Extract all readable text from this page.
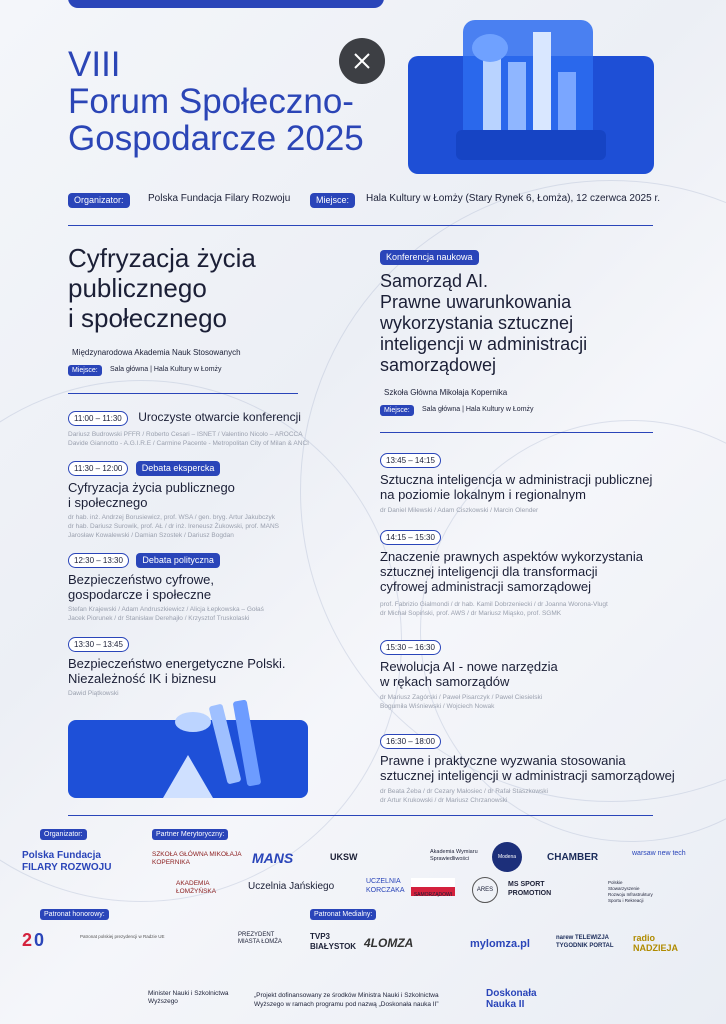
VIII
Forum Społeczno-
Gospodarcze 2025
Organizator:	Polska Fundacja Filary Rozwoju	Miejsce:	Hala Kultury w Łomży (Stary Rynek 6, Łomża), 12 czerwca 2025 r.
Cyfryzacja życia
publicznego
i społecznego
Międzynarodowa Akademia Nauk Stosowanych
Miejsce:	Sala główna | Hala Kultury w Łomży
11:00 – 11:30 Uroczyste otwarcie konferencji
Dariusz Budrowski PFFR / Roberto Cesari – ISNET / Valentino Nicolo – AROCCA
Davide Giannotto - A.G.I.R.E / Carmine Pacente - Metropolitan City of Milan & ANCI
11:30 – 12:00 Debata ekspercka
Cyfryzacja życia publicznego
i społecznego
dr hab. inż. Andrzej Borusiewicz, prof. WSA / gen. bryg. Artur Jakubczyk
dr hab. Dariusz Surowik, prof. AŁ / dr inż. Ireneusz Żukowski, prof. MANS
Jarosław Kowalewski / Damian Szostek / Dariusz Bogdan
12:30 – 13:30 Debata polityczna
Bezpieczeństwo cyfrowe,
gospodarcze i społeczne
Stefan Krajewski / Adam Andruszkiewicz / Alicja Łepkowska – Gołaś
Jacek Piorunek / dr Stanisław Derehajło / Krzysztof Truskolaski
13:30 – 13:45
Bezpieczeństwo energetyczne Polski.
Niezależność IK i biznesu
Dawid Piątkowski
Konferencja naukowa
Samorząd AI.
Prawne uwarunkowania
wykorzystania sztucznej
inteligencji w administracji
samorządowej
Szkoła Główna Mikołaja Kopernika
Miejsce:	Sala główna | Hala Kultury w Łomży
13:45 – 14:15
Sztuczna inteligencja w administracji publicznej
na poziomie lokalnym i regionalnym
dr Daniel Milewski / Adam Ciszkowski / Marcin Olender
14:15 – 15:30
Znaczenie prawnych aspektów wykorzystania
sztucznej inteligencji dla transformacji
cyfrowej administracji samorządowej
prof. Fabrizio Gialmondi / dr hab. Kamil Dobrzeniecki / dr Joanna Worona-Vlugt
dr Michał Sopiński, prof. AWS / dr Mariusz Miąsko, prof. SGMK
15:30 – 16:30
Rewolucja AI - nowe narzędzia
w rękach samorządów
dr Mariusz Zagórski / Paweł Pisarczyk / Paweł Ciesielski
Bogumiła Wiśniewski / Wojciech Nowak
16:30 – 18:00
Prawne i praktyczne wyzwania stosowania
sztucznej inteligencji w administracji samorządowej
dr Beata Żeba / dr Cezary Małosiec / dr Rafał Staszkowski
dr Artur Krukowski / dr Mariusz Chrzanowski
Organizator:
Polska Fundacja FILARY ROZWOJU
Partner Merytoryczny:
SZKOŁA GŁÓWNA MIKOŁAJA KOPERNIKA	MANS	UKSW	Akademia Wymiaru Sprawiedliwości	Modena	CHAMBER	warsaw new tech
AKADEMIA ŁOMŻYŃSKA	Uczelnia Jańskiego	UCZELNIA KORCZAKA
SAMORZĄDOWI
ARES
MS SPORT PROMOTION
Polskie Stowarzyszenie Rozwoju Infrastruktury Sportu i Rekreacji
Patronat honorowy:
2 0	Patronat polskiej prezydencji w Radzie UE	PREZYDENT MIASTA ŁOMŻA
Patronat Medialny:
TVP3 BIAŁYSTOK 4LOMZA	mylomza.pl	narew TELEWIZJA TYGODNIK PORTAL
radio NADZIEJA
Minister Nauki i Szkolnictwa Wyższego
„Projekt dofinansowany ze środków Ministra Nauki i Szkolnictwa Wyższego w ramach programu pod nazwą „Doskonała nauka II”
Doskonała Nauka II
